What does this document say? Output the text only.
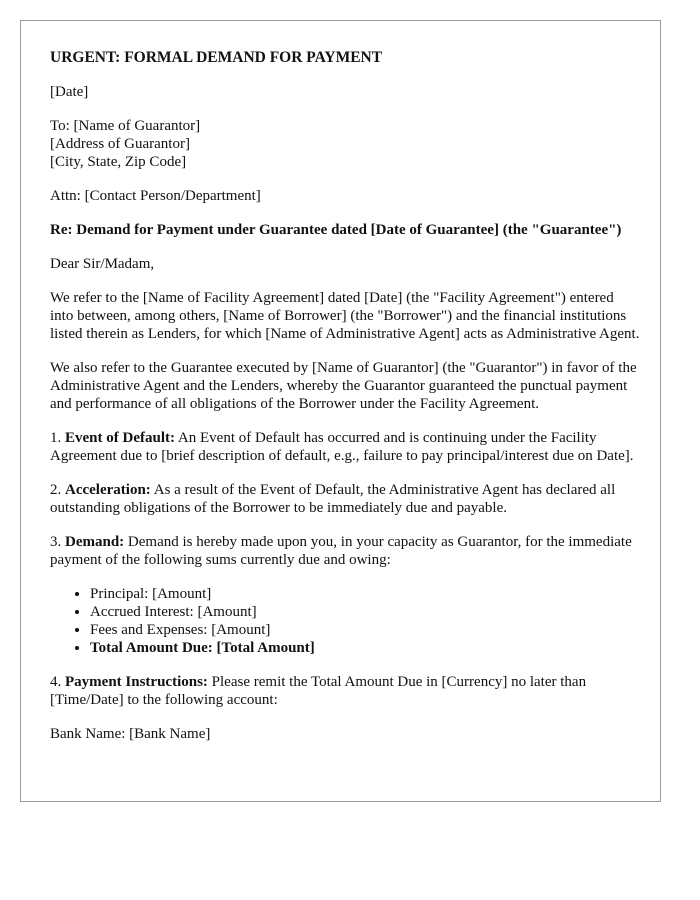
URGENT: FORMAL DEMAND FOR PAYMENT

[Date]

To: [Name of Guarantor]
[Address of Guarantor]
[City, State, Zip Code]

Attn: [Contact Person/Department]

Re: Demand for Payment under Guarantee dated [Date of Guarantee] (the "Guarantee")

Dear Sir/Madam,

We refer to the [Name of Facility Agreement] dated [Date] (the "Facility Agreement") entered into between, among others, [Name of Borrower] (the "Borrower") and the financial institutions listed therein as Lenders, for which [Name of Administrative Agent] acts as Administrative Agent.

We also refer to the Guarantee executed by [Name of Guarantor] (the "Guarantor") in favor of the Administrative Agent and the Lenders, whereby the Guarantor guaranteed the punctual payment and performance of all obligations of the Borrower under the Facility Agreement.

1. Event of Default: An Event of Default has occurred and is continuing under the Facility Agreement due to [brief description of default, e.g., failure to pay principal/interest due on Date].

2. Acceleration: As a result of the Event of Default, the Administrative Agent has declared all outstanding obligations of the Borrower to be immediately due and payable.

3. Demand: Demand is hereby made upon you, in your capacity as Guarantor, for the immediate payment of the following sums currently due and owing:

• Principal: [Amount]
• Accrued Interest: [Amount]
• Fees and Expenses: [Amount]
• Total Amount Due: [Total Amount]

4. Payment Instructions: Please remit the Total Amount Due in [Currency] no later than [Time/Date] to the following account:

Bank Name: [Bank Name]
